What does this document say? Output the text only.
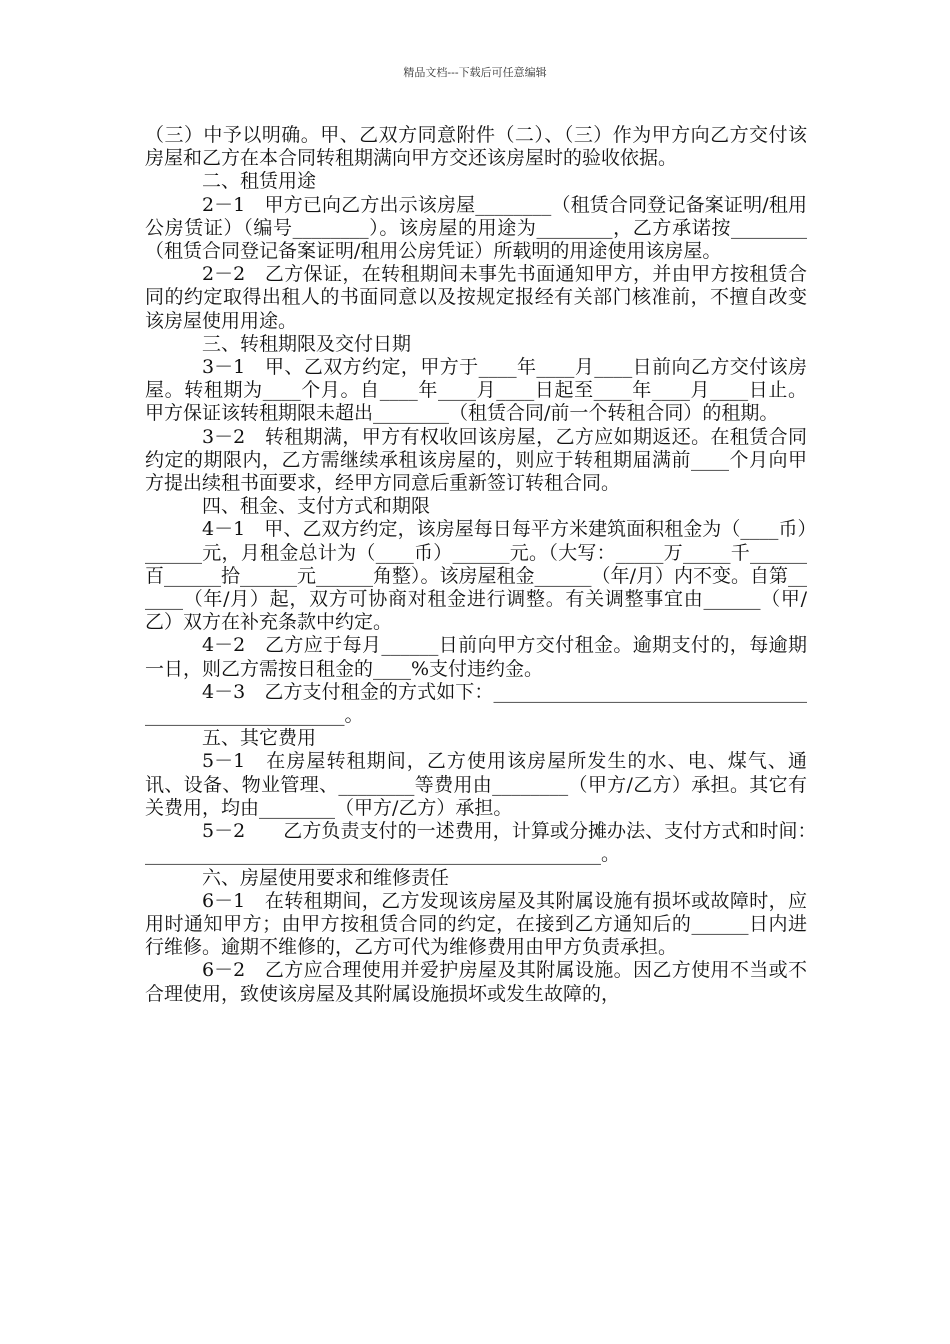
精品文档---下载后可任意编辑

（三）中予以明确。甲、乙双方同意附件（二）、（三）作为甲方向乙方交付该房屋和乙方在本合同转租期满向甲方交还该房屋时的验收依据。

二、租赁用途

2－1　甲方已向乙方出示该房屋________（租赁合同登记备案证明/租用公房赁证）（编号________）。该房屋的用途为________，乙方承诺按________（租赁合同登记备案证明/租用公房凭证）所载明的用途使用该房屋。

2－2　乙方保证，在转租期间未事先书面通知甲方，并由甲方按租赁合同的约定取得出租人的书面同意以及按规定报经有关部门核准前，不擅自改变该房屋使用用途。

三、转租期限及交付日期

3－1　甲、乙双方约定，甲方于____年____月____日前向乙方交付该房屋。转租期为____个月。自____年____月____日起至____年____月____日止。甲方保证该转租期限未超出________（租赁合同/前一个转租合同）的租期。

3－2　转租期满，甲方有权收回该房屋，乙方应如期返还。在租赁合同约定的期限内，乙方需继续承租该房屋的，则应于转租期届满前____个月向甲方提出续租书面要求，经甲方同意后重新签订转租合同。

四、租金、支付方式和期限

4－1　甲、乙双方约定，该房屋每日每平方米建筑面积租金为（____币）______元，月租金总计为（____币）______元。（大写：_____万_____千______百______拾______元______角整）。该房屋租金______（年/月）内不变。自第______（年/月）起，双方可协商对租金进行调整。有关调整事宜由______（甲/乙）双方在补充条款中约定。

4－2　乙方应于每月______日前向甲方交付租金。逾期支付的，每逾期一日，则乙方需按日租金的____%支付违约金。

4－3　乙方支付租金的方式如下：______________________________________________________。

五、其它费用

5－1　在房屋转租期间，乙方使用该房屋所发生的水、电、煤气、通讯、设备、物业管理、________等费用由________（甲方/乙方）承担。其它有关费用，均由________（甲方/乙方）承担。

5－2　　乙方负责支付的一述费用，计算或分摊办法、支付方式和时间：　________________________________________________。

六、房屋使用要求和维修责任

6－1　在转租期间，乙方发现该房屋及其附属设施有损坏或故障时，应用时通知甲方；由甲方按租赁合同的约定，在接到乙方通知后的______日内进行维修。逾期不维修的，乙方可代为维修费用由甲方负责承担。

6－2　乙方应合理使用并爱护房屋及其附属设施。因乙方使用不当或不合理使用，致使该房屋及其附属设施损坏或发生故障的，
